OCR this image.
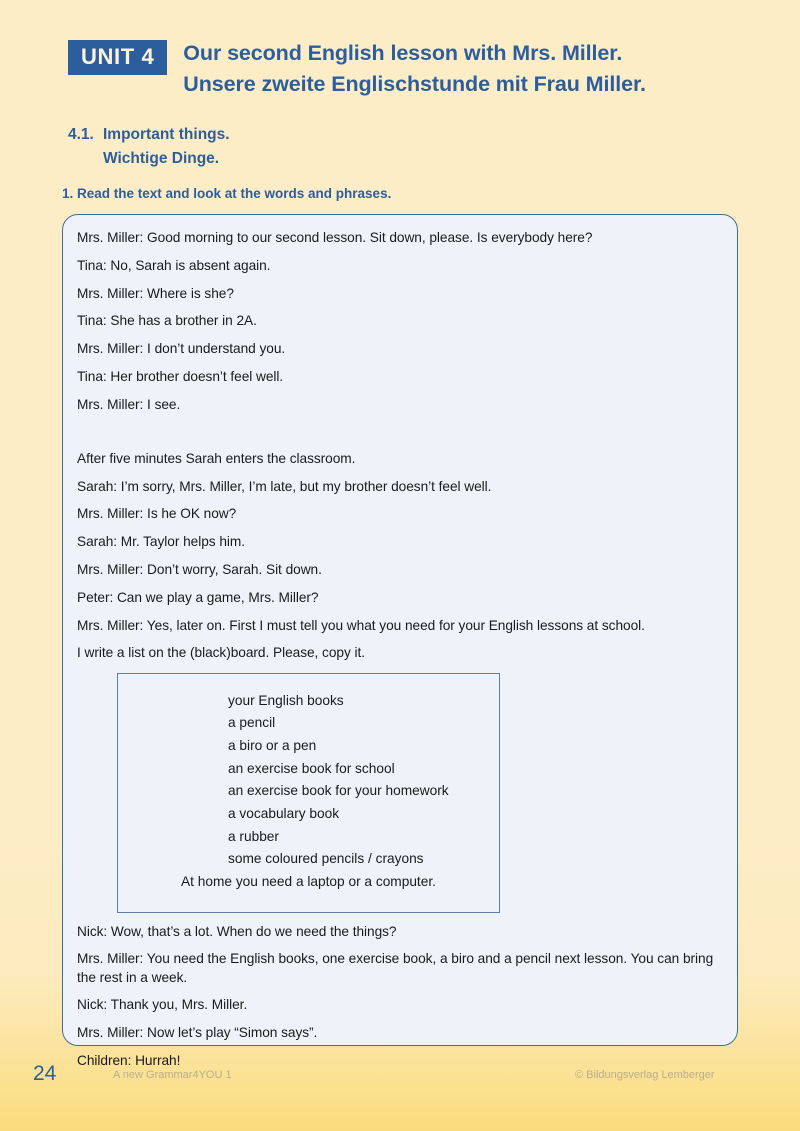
UNIT 4	Our second English lesson with Mrs. Miller.
Unsere zweite Englischstunde mit Frau Miller.
4.1. Important things.
Wichtige Dinge.
1. Read the text and look at the words and phrases.
Mrs. Miller: Good morning to our second lesson. Sit down, please. Is everybody here?
Tina: No, Sarah is absent again.
Mrs. Miller: Where is she?
Tina: She has a brother in 2A.
Mrs. Miller: I don’t understand you.
Tina: Her brother doesn’t feel well.
Mrs. Miller: I see.
After five minutes Sarah enters the classroom.
Sarah: I’m sorry, Mrs. Miller, I’m late, but my brother doesn’t feel well.
Mrs. Miller: Is he OK now?
Sarah: Mr. Taylor helps him.
Mrs. Miller: Don’t worry, Sarah. Sit down.
Peter: Can we play a game, Mrs. Miller?
Mrs. Miller: Yes, later on. First I must tell you what you need for your English lessons at school.
I write a list on the (black)board. Please, copy it.
your English books
a pencil
a biro or a pen
an exercise book for school
an exercise book for your homework
a vocabulary book
a rubber
some coloured pencils / crayons
At home you need a laptop or a computer.
Nick: Wow, that’s a lot. When do we need the things?
Mrs. Miller: You need the English books, one exercise book, a biro and a pencil next lesson. You can bring the rest in a week.
Nick: Thank you, Mrs. Miller.
Mrs. Miller: Now let’s play “Simon says”.
Children: Hurrah!
24	A new Grammar4YOU 1	© Bildungsverlag Lemberger
